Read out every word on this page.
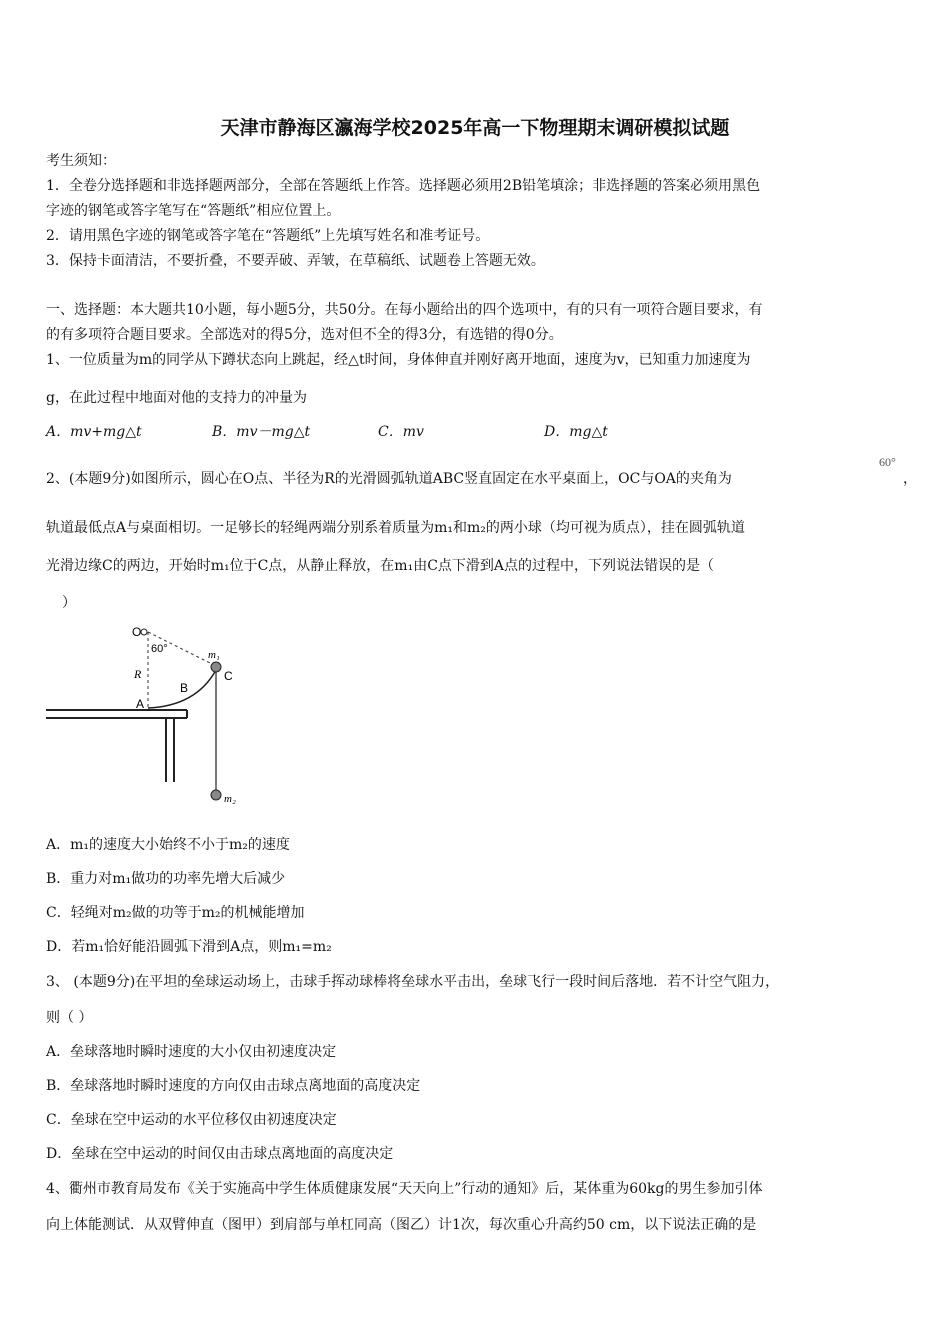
天津市静海区瀛海学校2025年高一下物理期末调研模拟试题
考生须知：
1．全卷分选择题和非选择题两部分，全部在答题纸上作答。选择题必须用2B铅笔填涂；非选择题的答案必须用黑色
字迹的钢笔或答字笔写在“答题纸”相应位置上。
2．请用黑色字迹的钢笔或答字笔在“答题纸”上先填写姓名和准考证号。
3．保持卡面清洁，不要折叠，不要弄破、弄皱，在草稿纸、试题卷上答题无效。
一、选择题：本大题共10小题，每小题5分，共50分。在每小题给出的四个选项中，有的只有一项符合题目要求，有
的有多项符合题目要求。全部选对的得5分，选对但不全的得3分，有选错的得0分。
1、一位质量为m的同学从下蹲状态向上跳起，经△t时间，身体伸直并刚好离开地面，速度为v，已知重力加速度为
g，在此过程中地面对他的支持力的冲量为
A．mv+mg△t	B．mv－mg△t	C．mv	D．mg△t
2、(本题9分)如图所示，圆心在O点、半径为R的光滑圆弧轨道ABC竖直固定在水平桌面上，OC与OA的夹角为
60°
，
轨道最低点A与桌面相切。一足够长的轻绳两端分别系着质量为m₁和m₂的两小球（均可视为质点），挂在圆弧轨道
光滑边缘C的两边，开始时m₁位于C点，从静止释放，在m₁由C点下滑到A点的过程中，下列说法错误的是（
）
O
60°
R
A
B
C
m₁
m₂
A．m₁的速度大小始终不小于m₂的速度
B．重力对m₁做功的功率先增大后减少
C．轻绳对m₂做的功等于m₂的机械能增加
D．若m₁恰好能沿圆弧下滑到A点，则m₁=m₂
3、 (本题9分)在平坦的垒球运动场上，击球手挥动球棒将垒球水平击出，垒球飞行一段时间后落地．若不计空气阻力，
则（ ）
A．垒球落地时瞬时速度的大小仅由初速度决定
B．垒球落地时瞬时速度的方向仅由击球点离地面的高度决定
C．垒球在空中运动的水平位移仅由初速度决定
D．垒球在空中运动的时间仅由击球点离地面的高度决定
4、衢州市教育局发布《关于实施高中学生体质健康发展“天天向上”行动的通知》后，某体重为60kg的男生参加引体
向上体能测试．从双臂伸直（图甲）到肩部与单杠同高（图乙）计1次，每次重心升高约50 cm，以下说法正确的是
